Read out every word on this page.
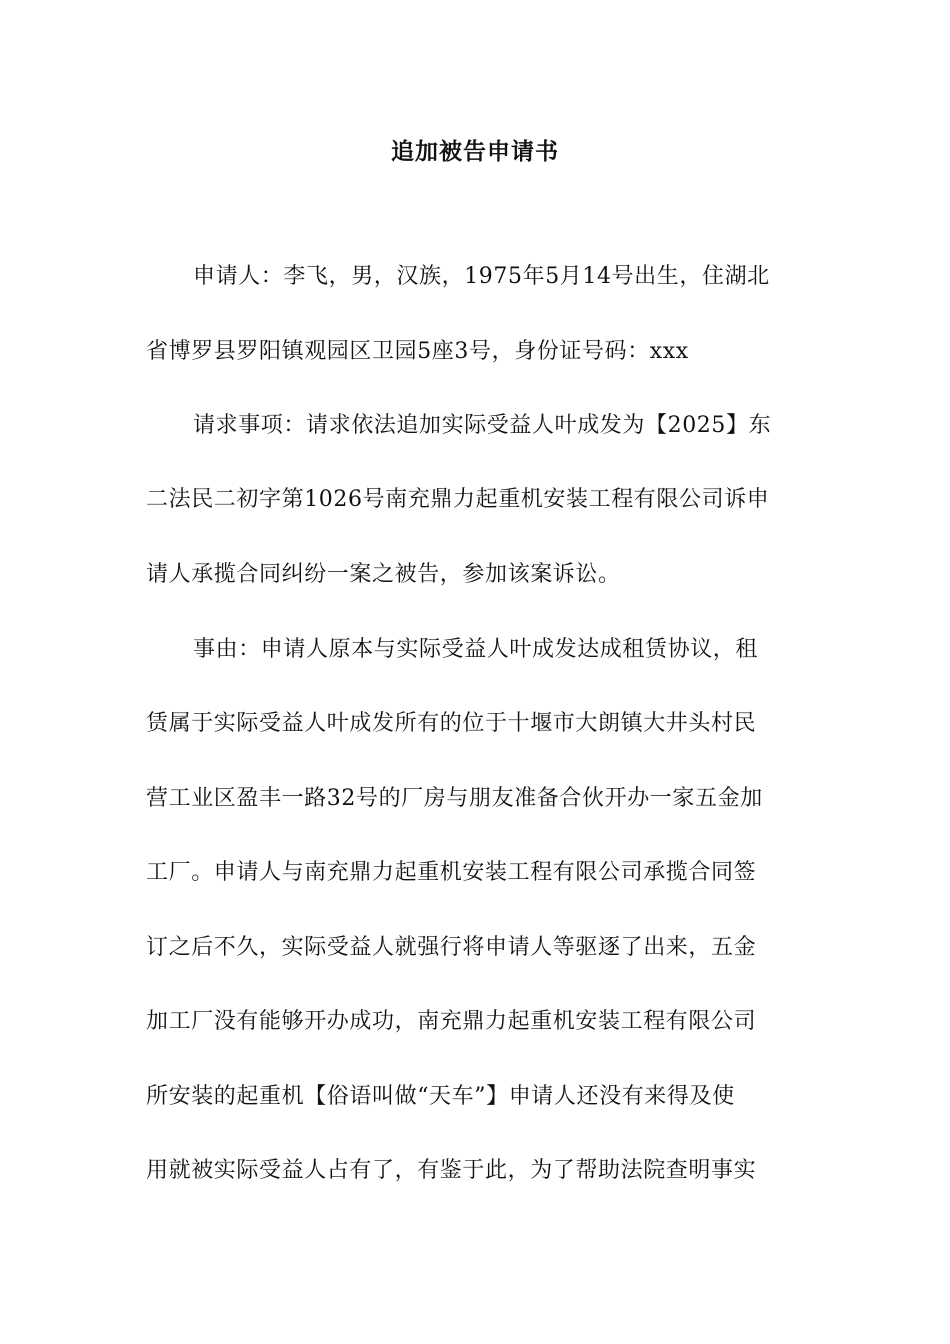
追加被告申请书
申请人：李飞，男，汉族，1975年5月14号出生，住湖北
省博罗县罗阳镇观园区卫园5座3号，身份证号码：xxx
请求事项：请求依法追加实际受益人叶成发为【2025】东
二法民二初字第1026号南充鼎力起重机安装工程有限公司诉申
请人承揽合同纠纷一案之被告，参加该案诉讼。
事由：申请人原本与实际受益人叶成发达成租赁协议，租
赁属于实际受益人叶成发所有的位于十堰市大朗镇大井头村民
营工业区盈丰一路32号的厂房与朋友准备合伙开办一家五金加
工厂。申请人与南充鼎力起重机安装工程有限公司承揽合同签
订之后不久，实际受益人就强行将申请人等驱逐了出来，五金
加工厂没有能够开办成功，南充鼎力起重机安装工程有限公司
所安装的起重机【俗语叫做“天车”】申请人还没有来得及使
用就被实际受益人占有了，有鉴于此，为了帮助法院查明事实
